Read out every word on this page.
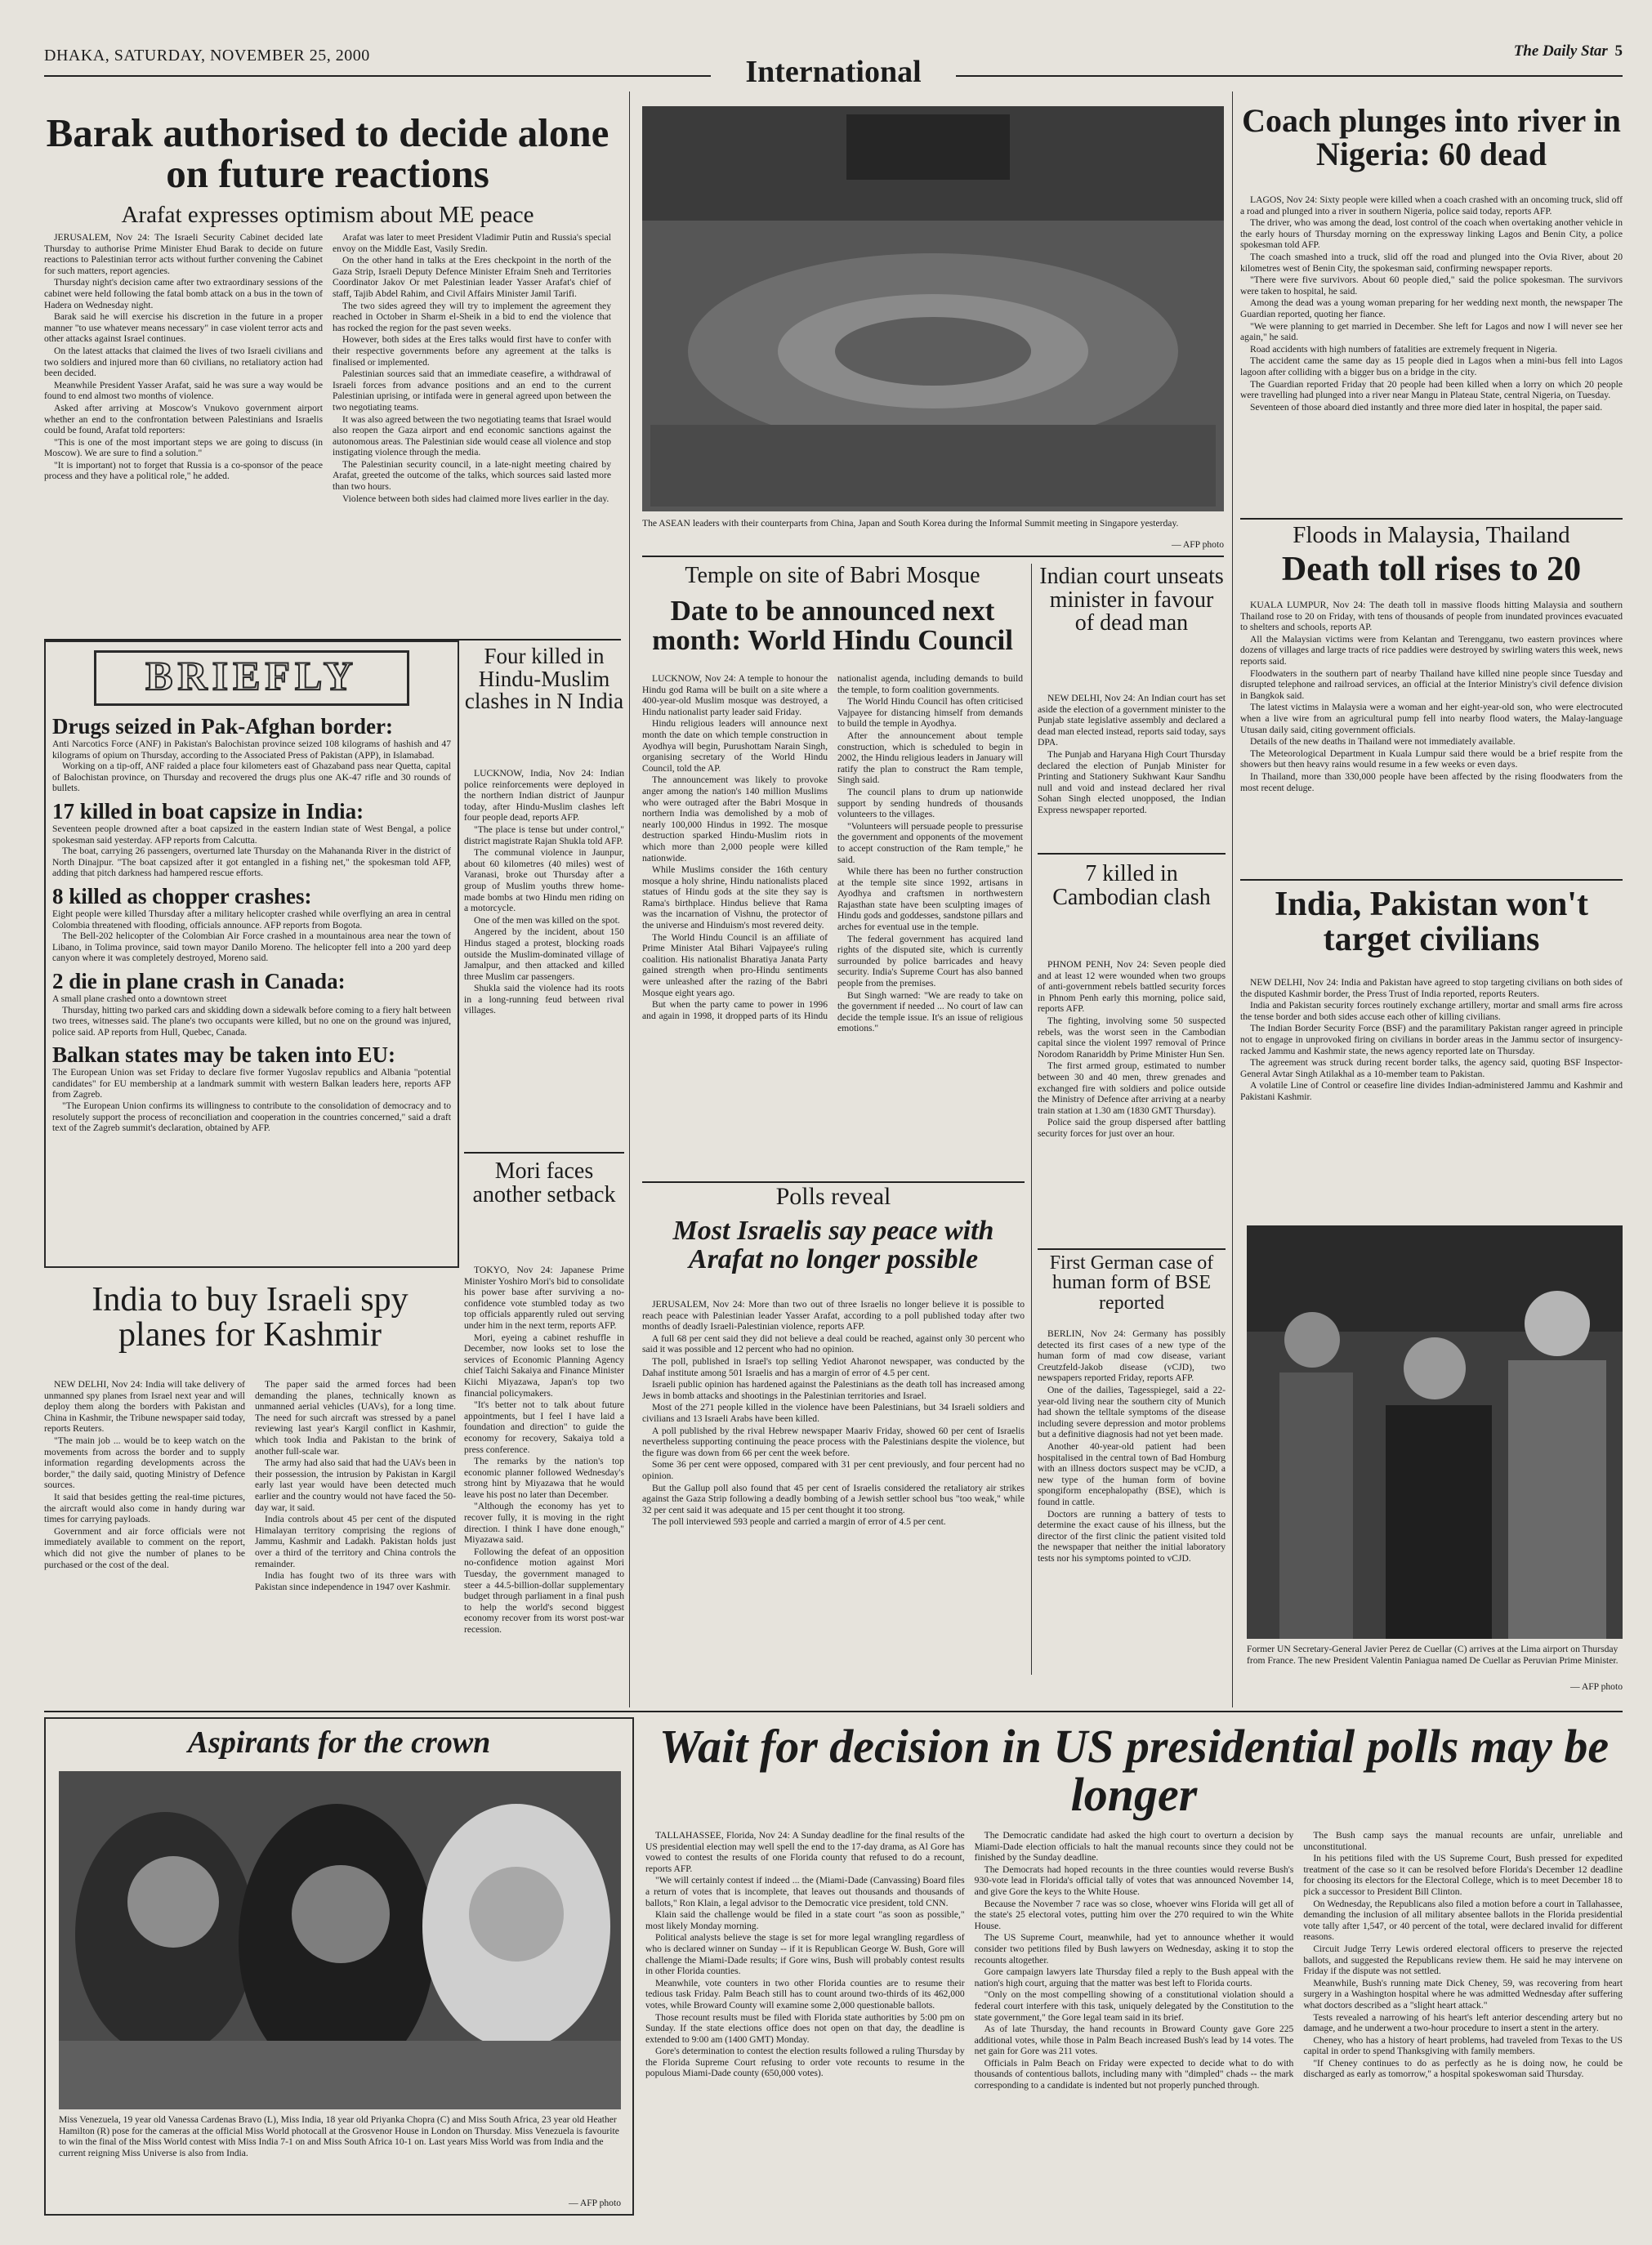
DHAKA, SATURDAY, NOVEMBER 25, 2000	International
The Daily Star 5
Barak authorised to decide alone on future reactions
Arafat expresses optimism about ME peace

JERUSALEM, Nov 24: The Israeli Security Cabinet decided late Thursday to authorise Prime Minister Ehud Barak to decide on future reactions to Palestinian terror acts without further convening the Cabinet for such matters, report agencies.

Thursday night's decision came after two extraordinary sessions of the cabinet were held following the fatal bomb attack on a bus in the town of Hadera on Wednesday night.

Barak said he will exercise his discretion in the future in a proper manner "to use whatever means necessary" in case violent terror acts and other attacks against Israel continues.

On the latest attacks that claimed the lives of two Israeli civilians and two soldiers and injured more than 60 civilians, no retaliatory action had been decided.

Meanwhile President Yasser Arafat, said he was sure a way would be found to end almost two months of violence.

Asked after arriving at Moscow's Vnukovo government airport whether an end to the confrontation between Palestinians and Israelis could be found, Arafat told reporters:

"This is one of the most important steps we are going to discuss (in Moscow). We are sure to find a solution."

"It is important) not to forget that Russia is a co-sponsor of the peace process and they have a political role," he added.

Arafat was later to meet President Vladimir Putin and Russia's special envoy on the Middle East, Vasily Sredin.

On the other hand in talks at the Eres checkpoint in the north of the Gaza Strip, Israeli Deputy Defence Minister Efraim Sneh and Territories Coordinator Jakov Or met Palestinian leader Yasser Arafat's chief of staff, Tajib Abdel Rahim, and Civil Affairs Minister Jamil Tarifi.

The two sides agreed they will try to implement the agreement they reached in October in Sharm el-Sheik in a bid to end the violence that has rocked the region for the past seven weeks.

However, both sides at the Eres talks would first have to confer with their respective governments before any agreement at the talks is finalised or implemented.

Palestinian sources said that an immediate ceasefire, a withdrawal of Israeli forces from advance positions and an end to the current Palestinian uprising, or intifada were in general agreed upon between the two negotiating teams.

It was also agreed between the two negotiating teams that Israel would also reopen the Gaza airport and end economic sanctions against the autonomous areas. The Palestinian side would cease all violence and stop instigating violence through the media.

The Palestinian security council, in a late-night meeting chaired by Arafat, greeted the outcome of the talks, which sources said lasted more than two hours.

Violence between both sides had claimed more lives earlier in the day.

The ASEAN leaders with their counterparts from China, Japan and South Korea during the Informal Summit meeting in Singapore yesterday.
— AFP photo
Coach plunges into river in Nigeria: 60 dead

LAGOS, Nov 24: Sixty people were killed when a coach crashed with an oncoming truck, slid off a road and plunged into a river in southern Nigeria, police said today, reports AFP.

The driver, who was among the dead, lost control of the coach when overtaking another vehicle in the early hours of Thursday morning on the expressway linking Lagos and Benin City, a police spokesman told AFP.

The coach smashed into a truck, slid off the road and plunged into the Ovia River, about 20 kilometres west of Benin City, the spokesman said, confirming newspaper reports.

"There were five survivors. About 60 people died," said the police spokesman. The survivors were taken to hospital, he said.

Among the dead was a young woman preparing for her wedding next month, the newspaper The Guardian reported, quoting her fiance.

"We were planning to get married in December. She left for Lagos and now I will never see her again," he said.

Road accidents with high numbers of fatalities are extremely frequent in Nigeria.

The accident came the same day as 15 people died in Lagos when a mini-bus fell into Lagos lagoon after colliding with a bigger bus on a bridge in the city.

The Guardian reported Friday that 20 people had been killed when a lorry on which 20 people were travelling had plunged into a river near Mangu in Plateau State, central Nigeria, on Tuesday.

Seventeen of those aboard died instantly and three more died later in hospital, the paper said.

Temple on site of Babri Mosque
Date to be announced next month: World Hindu Council

LUCKNOW, Nov 24: A temple to honour the Hindu god Rama will be built on a site where a 400-year-old Muslim mosque was destroyed, a Hindu nationalist party leader said Friday.

Hindu religious leaders will announce next month the date on which temple construction in Ayodhya will begin, Purushottam Narain Singh, organising secretary of the World Hindu Council, told the AP.

The announcement was likely to provoke anger among the nation's 140 million Muslims who were outraged after the Babri Mosque in northern India was demolished by a mob of nearly 100,000 Hindus in 1992. The mosque destruction sparked Hindu-Muslim riots in which more than 2,000 people were killed nationwide.

While Muslims consider the 16th century mosque a holy shrine, Hindu nationalists placed statues of Hindu gods at the site they say is Rama's birthplace. Hindus believe that Rama was the incarnation of Vishnu, the protector of the universe and Hinduism's most revered deity.

The World Hindu Council is an affiliate of Prime Minister Atal Bihari Vajpayee's ruling coalition. His nationalist Bharatiya Janata Party gained strength when pro-Hindu sentiments were unleashed after the razing of the Babri Mosque eight years ago.

But when the party came to power in 1996 and again in 1998, it dropped parts of its Hindu nationalist agenda, including demands to build the temple, to form coalition governments.

The World Hindu Council has often criticised Vajpayee for distancing himself from demands to build the temple in Ayodhya.

After the announcement about temple construction, which is scheduled to begin in 2002, the Hindu religious leaders in January will ratify the plan to construct the Ram temple, Singh said.

The council plans to drum up nationwide support by sending hundreds of thousands volunteers to the villages.

"Volunteers will persuade people to pressurise the government and opponents of the movement to accept construction of the Ram temple," he said.

While there has been no further construction at the temple site since 1992, artisans in Ayodhya and craftsmen in northwestern Rajasthan state have been sculpting images of Hindu gods and goddesses, sandstone pillars and arches for eventual use in the temple.

The federal government has acquired land rights of the disputed site, which is currently surrounded by police barricades and heavy security. India's Supreme Court has also banned people from the premises.

But Singh warned: "We are ready to take on the government if needed ... No court of law can decide the temple issue. It's an issue of religious emotions."

Indian court unseats minister in favour of dead man

NEW DELHI, Nov 24: An Indian court has set aside the election of a government minister to the Punjab state legislative assembly and declared a dead man elected instead, reports said today, says DPA.

The Punjab and Haryana High Court Thursday declared the election of Punjab Minister for Printing and Stationery Sukhwant Kaur Sandhu null and void and instead declared her rival Sohan Singh elected unopposed, the Indian Express newspaper reported.

7 killed in Cambodian clash

PHNOM PENH, Nov 24: Seven people died and at least 12 were wounded when two groups of anti-government rebels battled security forces in Phnom Penh early this morning, police said, reports AFP.

The fighting, involving some 50 suspected rebels, was the worst seen in the Cambodian capital since the violent 1997 removal of Prince Norodom Ranariddh by Prime Minister Hun Sen.

The first armed group, estimated to number between 30 and 40 men, threw grenades and exchanged fire with soldiers and police outside the Ministry of Defence after arriving at a nearby train station at 1.30 am (1830 GMT Thursday).

Police said the group dispersed after battling security forces for just over an hour.

Floods in Malaysia, Thailand
Death toll rises to 20

KUALA LUMPUR, Nov 24: The death toll in massive floods hitting Malaysia and southern Thailand rose to 20 on Friday, with tens of thousands of people from inundated provinces evacuated to shelters and schools, reports AP.

All the Malaysian victims were from Kelantan and Terengganu, two eastern provinces where dozens of villages and large tracts of rice paddies were destroyed by swirling waters this week, news reports said.

Floodwaters in the southern part of nearby Thailand have killed nine people since Tuesday and disrupted telephone and railroad services, an official at the Interior Ministry's civil defence division in Bangkok said.

The latest victims in Malaysia were a woman and her eight-year-old son, who were electrocuted when a live wire from an agricultural pump fell into nearby flood waters, the Malay-language Utusan daily said, citing government officials.

Details of the new deaths in Thailand were not immediately available.

The Meteorological Department in Kuala Lumpur said there would be a brief respite from the showers but then heavy rains would resume in a few weeks or even days.

In Thailand, more than 330,000 people have been affected by the rising floodwaters from the most recent deluge.

BRIEFLY
Drugs seized in Pak-Afghan border:

Anti Narcotics Force (ANF) in Pakistan's Balochistan province seized 108 kilograms of hashish and 47 kilograms of opium on Thursday, according to the Associated Press of Pakistan (APP), in Islamabad.

Working on a tip-off, ANF raided a place four kilometers east of Ghazaband pass near Quetta, capital of Balochistan province, on Thursday and recovered the drugs plus one AK-47 rifle and 30 rounds of bullets.

17 killed in boat capsize in India:

Seventeen people drowned after a boat capsized in the eastern Indian state of West Bengal, a police spokesman said yesterday. AFP reports from Calcutta.

The boat, carrying 26 passengers, overturned late Thursday on the Mahananda River in the district of North Dinajpur. "The boat capsized after it got entangled in a fishing net," the spokesman told AFP, adding that pitch darkness had hampered rescue efforts.

8 killed as chopper crashes:

Eight people were killed Thursday after a military helicopter crashed while overflying an area in central Colombia threatened with flooding, officials announce. AFP reports from Bogota.

The Bell-202 helicopter of the Colombian Air Force crashed in a mountainous area near the town of Libano, in Tolima province, said town mayor Danilo Moreno. The helicopter fell into a 200 yard deep canyon where it was completely destroyed, Moreno said.

2 die in plane crash in Canada:

A small plane crashed onto a downtown street

Thursday, hitting two parked cars and skidding down a sidewalk before coming to a fiery halt between two trees, witnesses said. The plane's two occupants were killed, but no one on the ground was injured, police said. AP reports from Hull, Quebec, Canada.

Balkan states may be taken into EU:

The European Union was set Friday to declare five former Yugoslav republics and Albania "potential candidates" for EU membership at a landmark summit with western Balkan leaders here, reports AFP from Zagreb.

"The European Union confirms its willingness to contribute to the consolidation of democracy and to resolutely support the process of reconciliation and cooperation in the countries concerned," said a draft text of the Zagreb summit's declaration, obtained by AFP.

Four killed in Hindu-Muslim clashes in N India

LUCKNOW, India, Nov 24: Indian police reinforcements were deployed in the northern Indian district of Jaunpur today, after Hindu-Muslim clashes left four people dead, reports AFP.

"The place is tense but under control," district magistrate Rajan Shukla told AFP.

The communal violence in Jaunpur, about 60 kilometres (40 miles) west of Varanasi, broke out Thursday after a group of Muslim youths threw home-made bombs at two Hindu men riding on a motorcycle.

One of the men was killed on the spot.

Angered by the incident, about 150 Hindus staged a protest, blocking roads outside the Muslim-dominated village of Jamalpur, and then attacked and killed three Muslim car passengers.

Shukla said the violence had its roots in a long-running feud between rival villages.

Mori faces another setback

TOKYO, Nov 24: Japanese Prime Minister Yoshiro Mori's bid to consolidate his power base after surviving a no-confidence vote stumbled today as two top officials apparently ruled out serving under him in the next term, reports AFP.

Mori, eyeing a cabinet reshuffle in December, now looks set to lose the services of Economic Planning Agency chief Taichi Sakaiya and Finance Minister Kiichi Miyazawa, Japan's top two financial policymakers.

"It's better not to talk about future appointments, but I feel I have laid a foundation and direction" to guide the economy for recovery, Sakaiya told a press conference.

The remarks by the nation's top economic planner followed Wednesday's strong hint by Miyazawa that he would leave his post no later than December.

"Although the economy has yet to recover fully, it is moving in the right direction. I think I have done enough," Miyazawa said.

Following the defeat of an opposition no-confidence motion against Mori Tuesday, the government managed to steer a 44.5-billion-dollar supplementary budget through parliament in a final push to help the world's second biggest economy recover from its worst post-war recession.

India to buy Israeli spy planes for Kashmir

NEW DELHI, Nov 24: India will take delivery of unmanned spy planes from Israel next year and will deploy them along the borders with Pakistan and China in Kashmir, the Tribune newspaper said today, reports Reuters.

"The main job ... would be to keep watch on the movements from across the border and to supply information regarding developments across the border," the daily said, quoting Ministry of Defence sources.

It said that besides getting the real-time pictures, the aircraft would also come in handy during war times for carrying payloads.

Government and air force officials were not immediately available to comment on the report, which did not give the number of planes to be purchased or the cost of the deal.

The paper said the armed forces had been demanding the planes, technically known as unmanned aerial vehicles (UAVs), for a long time. The need for such aircraft was stressed by a panel reviewing last year's Kargil conflict in Kashmir, which took India and Pakistan to the brink of another full-scale war.

The army had also said that had the UAVs been in their possession, the intrusion by Pakistan in Kargil early last year would have been detected much earlier and the country would not have faced the 50-day war, it said.

India controls about 45 per cent of the disputed Himalayan territory comprising the regions of Jammu, Kashmir and Ladakh. Pakistan holds just over a third of the territory and China controls the remainder.

India has fought two of its three wars with Pakistan since independence in 1947 over Kashmir.

Polls reveal
Most Israelis say peace with Arafat no longer possible

JERUSALEM, Nov 24: More than two out of three Israelis no longer believe it is possible to reach peace with Palestinian leader Yasser Arafat, according to a poll published today after two months of deadly Israeli-Palestinian violence, reports AFP.

A full 68 per cent said they did not believe a deal could be reached, against only 30 percent who said it was possible and 12 percent who had no opinion.

The poll, published in Israel's top selling Yediot Aharonot newspaper, was conducted by the Dahaf institute among 501 Israelis and has a margin of error of 4.5 per cent.

Israeli public opinion has hardened against the Palestinians as the death toll has increased among Jews in bomb attacks and shootings in the Palestinian territories and Israel.

Most of the 271 people killed in the violence have been Palestinians, but 34 Israeli soldiers and civilians and 13 Israeli Arabs have been killed.

A poll published by the rival Hebrew newspaper Maariv Friday, showed 60 per cent of Israelis nevertheless supporting continuing the peace process with the Palestinians despite the violence, but the figure was down from 66 per cent the week before.

Some 36 per cent were opposed, compared with 31 per cent previously, and four percent had no opinion.

But the Gallup poll also found that 45 per cent of Israelis considered the retaliatory air strikes against the Gaza Strip following a deadly bombing of a Jewish settler school bus "too weak," while 32 per cent said it was adequate and 15 per cent thought it too strong.

The poll interviewed 593 people and carried a margin of error of 4.5 per cent.

First German case of human form of BSE reported

BERLIN, Nov 24: Germany has possibly detected its first cases of a new type of the human form of mad cow disease, variant Creutzfeld-Jakob disease (vCJD), two newspapers reported Friday, reports AFP.

One of the dailies, Tagesspiegel, said a 22-year-old living near the southern city of Munich had shown the telltale symptoms of the disease including severe depression and motor problems but a definitive diagnosis had not yet been made.

Another 40-year-old patient had been hospitalised in the central town of Bad Homburg with an illness doctors suspect may be vCJD, a new type of the human form of bovine spongiform encephalopathy (BSE), which is found in cattle.

Doctors are running a battery of tests to determine the exact cause of his illness, but the director of the first clinic the patient visited told the newspaper that neither the initial laboratory tests nor his symptoms pointed to vCJD.

India, Pakistan won't target civilians

NEW DELHI, Nov 24: India and Pakistan have agreed to stop targeting civilians on both sides of the disputed Kashmir border, the Press Trust of India reported, reports Reuters.

India and Pakistan security forces routinely exchange artillery, mortar and small arms fire across the tense border and both sides accuse each other of killing civilians.

The Indian Border Security Force (BSF) and the paramilitary Pakistan ranger agreed in principle not to engage in unprovoked firing on civilians in border areas in the Jammu sector of insurgency-racked Jammu and Kashmir state, the news agency reported late on Thursday.

The agreement was struck during recent border talks, the agency said, quoting BSF Inspector-General Avtar Singh Atilakhal as a 10-member team to Pakistan.

A volatile Line of Control or ceasefire line divides Indian-administered Jammu and Kashmir and Pakistani Kashmir.

Former UN Secretary-General Javier Perez de Cuellar (C) arrives at the Lima airport on Thursday from France. The new President Valentin Paniagua named De Cuellar as Peruvian Prime Minister.
— AFP photo
Aspirants for the crown
Miss Venezuela, 19 year old Vanessa Cardenas Bravo (L), Miss India, 18 year old Priyanka Chopra (C) and Miss South Africa, 23 year old Heather Hamilton (R) pose for the cameras at the official Miss World photocall at the Grosvenor House in London on Thursday. Miss Venezuela is favourite to win the final of the Miss World contest with Miss India 7-1 on and Miss South Africa 10-1 on. Last years Miss World was from India and the current reigning Miss Universe is also from India.
— AFP photo
Wait for decision in US presidential polls may be longer

TALLAHASSEE, Florida, Nov 24: A Sunday deadline for the final results of the US presidential election may well spell the end to the 17-day drama, as Al Gore has vowed to contest the results of one Florida county that refused to do a recount, reports AFP.

"We will certainly contest if indeed ... the (Miami-Dade (Canvassing) Board files a return of votes that is incomplete, that leaves out thousands and thousands of ballots," Ron Klain, a legal advisor to the Democratic vice president, told CNN.

Klain said the challenge would be filed in a state court "as soon as possible," most likely Monday morning.

Political analysts believe the stage is set for more legal wrangling regardless of who is declared winner on Sunday -- if it is Republican George W. Bush, Gore will challenge the Miami-Dade results; if Gore wins, Bush will probably contest results in other Florida counties.

Meanwhile, vote counters in two other Florida counties are to resume their tedious task Friday. Palm Beach still has to count around two-thirds of its 462,000 votes, while Broward County will examine some 2,000 questionable ballots.

Those recount results must be filed with Florida state authorities by 5:00 pm on Sunday. If the state elections office does not open on that day, the deadline is extended to 9:00 am (1400 GMT) Monday.

Gore's determination to contest the election results followed a ruling Thursday by the Florida Supreme Court refusing to order vote recounts to resume in the populous Miami-Dade county (650,000 votes).

The Democratic candidate had asked the high court to overturn a decision by Miami-Dade election officials to halt the manual recounts since they could not be finished by the Sunday deadline.

The Democrats had hoped recounts in the three counties would reverse Bush's 930-vote lead in Florida's official tally of votes that was announced November 14, and give Gore the keys to the White House.

Because the November 7 race was so close, whoever wins Florida will get all of the state's 25 electoral votes, putting him over the 270 required to win the White House.

The US Supreme Court, meanwhile, had yet to announce whether it would consider two petitions filed by Bush lawyers on Wednesday, asking it to stop the recounts altogether.

Gore campaign lawyers late Thursday filed a reply to the Bush appeal with the nation's high court, arguing that the matter was best left to Florida courts.

"Only on the most compelling showing of a constitutional violation should a federal court interfere with this task, uniquely delegated by the Constitution to the state government," the Gore legal team said in its brief.

As of late Thursday, the hand recounts in Broward County gave Gore 225 additional votes, while those in Palm Beach increased Bush's lead by 14 votes. The net gain for Gore was 211 votes.

Officials in Palm Beach on Friday were expected to decide what to do with thousands of contentious ballots, including many with "dimpled" chads -- the mark corresponding to a candidate is indented but not properly punched through.

The Bush camp says the manual recounts are unfair, unreliable and unconstitutional.

In his petitions filed with the US Supreme Court, Bush pressed for expedited treatment of the case so it can be resolved before Florida's December 12 deadline for choosing its electors for the Electoral College, which is to meet December 18 to pick a successor to President Bill Clinton.

On Wednesday, the Republicans also filed a motion before a court in Tallahassee, demanding the inclusion of all military absentee ballots in the Florida presidential vote tally after 1,547, or 40 percent of the total, were declared invalid for different reasons.

Circuit Judge Terry Lewis ordered electoral officers to preserve the rejected ballots, and suggested the Republicans review them. He said he may intervene on Friday if the dispute was not settled.

Meanwhile, Bush's running mate Dick Cheney, 59, was recovering from heart surgery in a Washington hospital where he was admitted Wednesday after suffering what doctors described as a "slight heart attack."

Tests revealed a narrowing of his heart's left anterior descending artery but no damage, and he underwent a two-hour procedure to insert a stent in the artery.

Cheney, who has a history of heart problems, had traveled from Texas to the US capital in order to spend Thanksgiving with family members.

"If Cheney continues to do as perfectly as he is doing now, he could be discharged as early as tomorrow," a hospital spokeswoman said Thursday.
